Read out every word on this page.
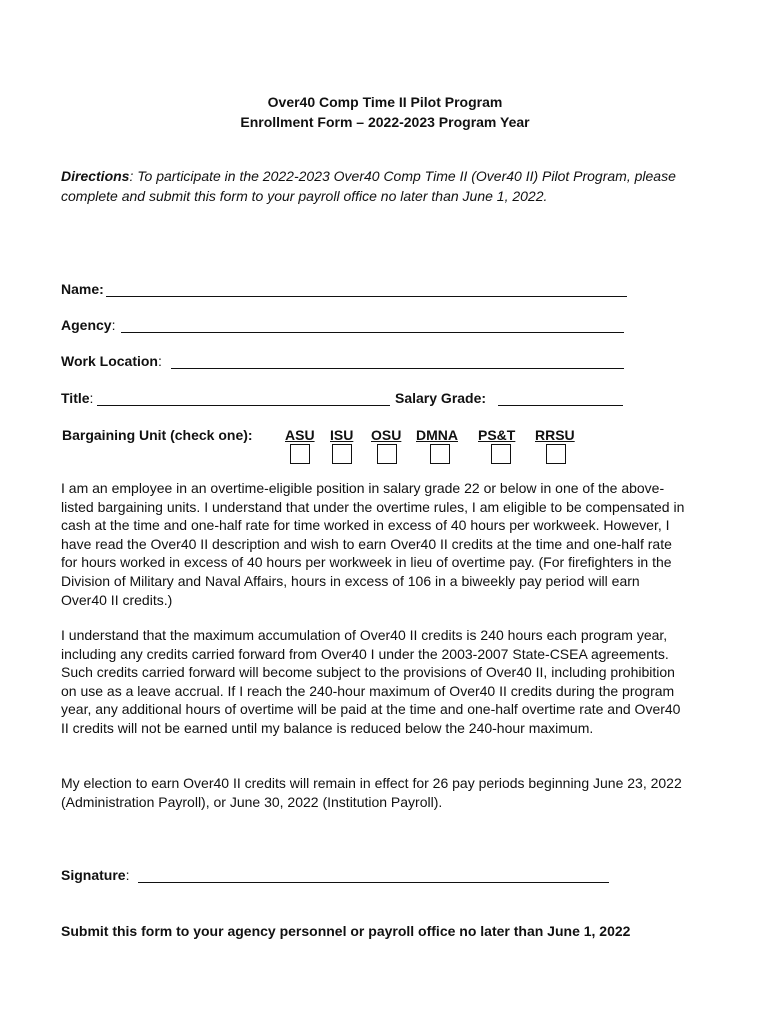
Over40 Comp Time II Pilot Program
Enrollment Form – 2022-2023 Program Year
Directions: To participate in the 2022-2023 Over40 Comp Time II (Over40 II) Pilot Program, please complete and submit this form to your payroll office no later than June 1, 2022.
Name:
Agency:
Work Location:
Title:	Salary Grade:
Bargaining Unit (check one): ASU ISU OSU DMNA PS&T RRSU

I am an employee in an overtime-eligible position in salary grade 22 or below in one of the above-listed bargaining units. I understand that under the overtime rules, I am eligible to be compensated in cash at the time and one-half rate for time worked in excess of 40 hours per workweek. However, I have read the Over40 II description and wish to earn Over40 II credits at the time and one-half rate for hours worked in excess of 40 hours per workweek in lieu of overtime pay. (For firefighters in the Division of Military and Naval Affairs, hours in excess of 106 in a biweekly pay period will earn Over40 II credits.)

I understand that the maximum accumulation of Over40 II credits is 240 hours each program year, including any credits carried forward from Over40 I under the 2003-2007 State-CSEA agreements. Such credits carried forward will become subject to the provisions of Over40 II, including prohibition on use as a leave accrual. If I reach the 240-hour maximum of Over40 II credits during the program year, any additional hours of overtime will be paid at the time and one-half overtime rate and Over40 II credits will not be earned until my balance is reduced below the 240-hour maximum.

My election to earn Over40 II credits will remain in effect for 26 pay periods beginning June 23, 2022 (Administration Payroll), or June 30, 2022 (Institution Payroll).

Signature:
Submit this form to your agency personnel or payroll office no later than June 1, 2022
